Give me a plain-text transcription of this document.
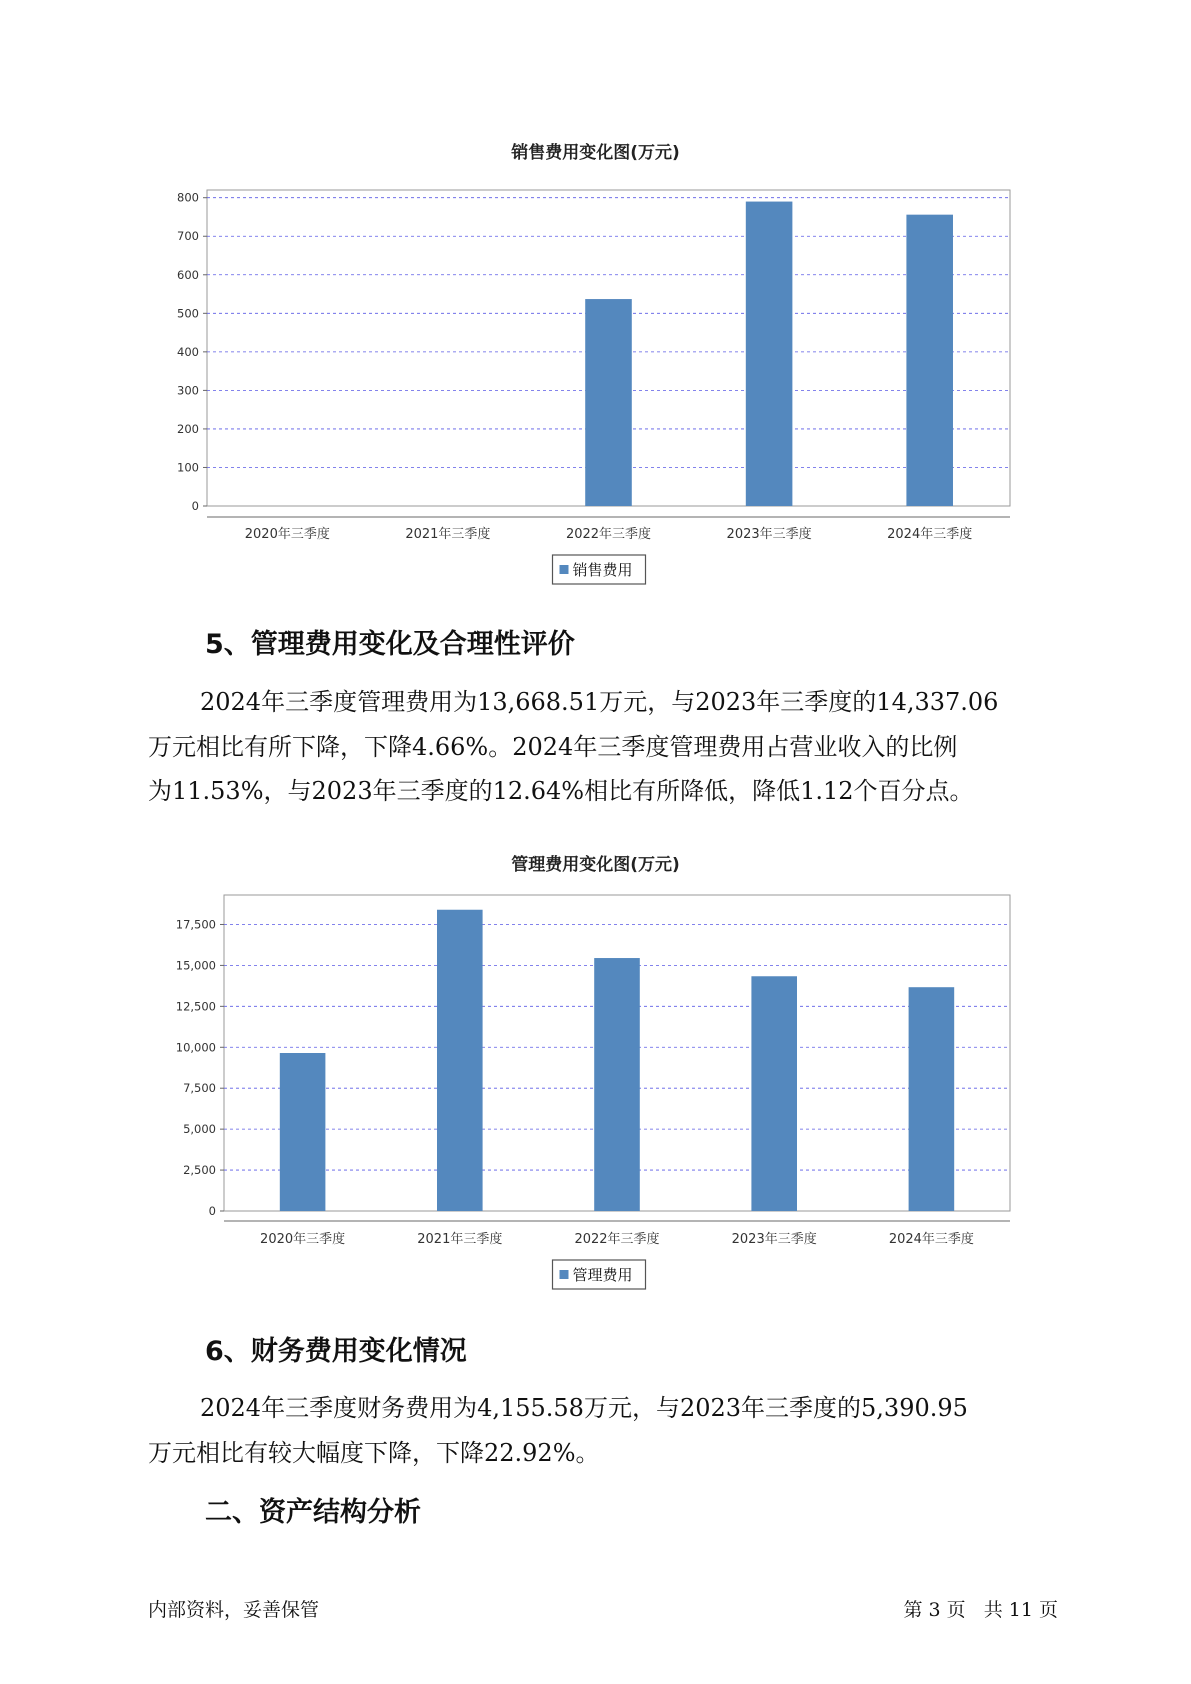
销售费用变化图(万元)
0
100
200
300
400
500
600
700
800
2020年三季度	2021年三季度	2022年三季度	2023年三季度	2024年三季度
销售费用
5、管理费用变化及合理性评价

2024年三季度管理费用为13,668.51万元，与2023年三季度的14,337.06
万元相比有所下降，下降4.66%。2024年三季度管理费用占营业收入的比例
为11.53%，与2023年三季度的12.64%相比有所降低，降低1.12个百分点。

管理费用变化图(万元)
0
2,500
5,000
7,500
10,000
12,500
15,000
17,500
2020年三季度	2021年三季度	2022年三季度	2023年三季度	2024年三季度
管理费用
6、财务费用变化情况

2024年三季度财务费用为4,155.58万元，与2023年三季度的5,390.95
万元相比有较大幅度下降，下降22.92%。

二、资产结构分析
内部资料，妥善保管	第 3 页 共 11 页
